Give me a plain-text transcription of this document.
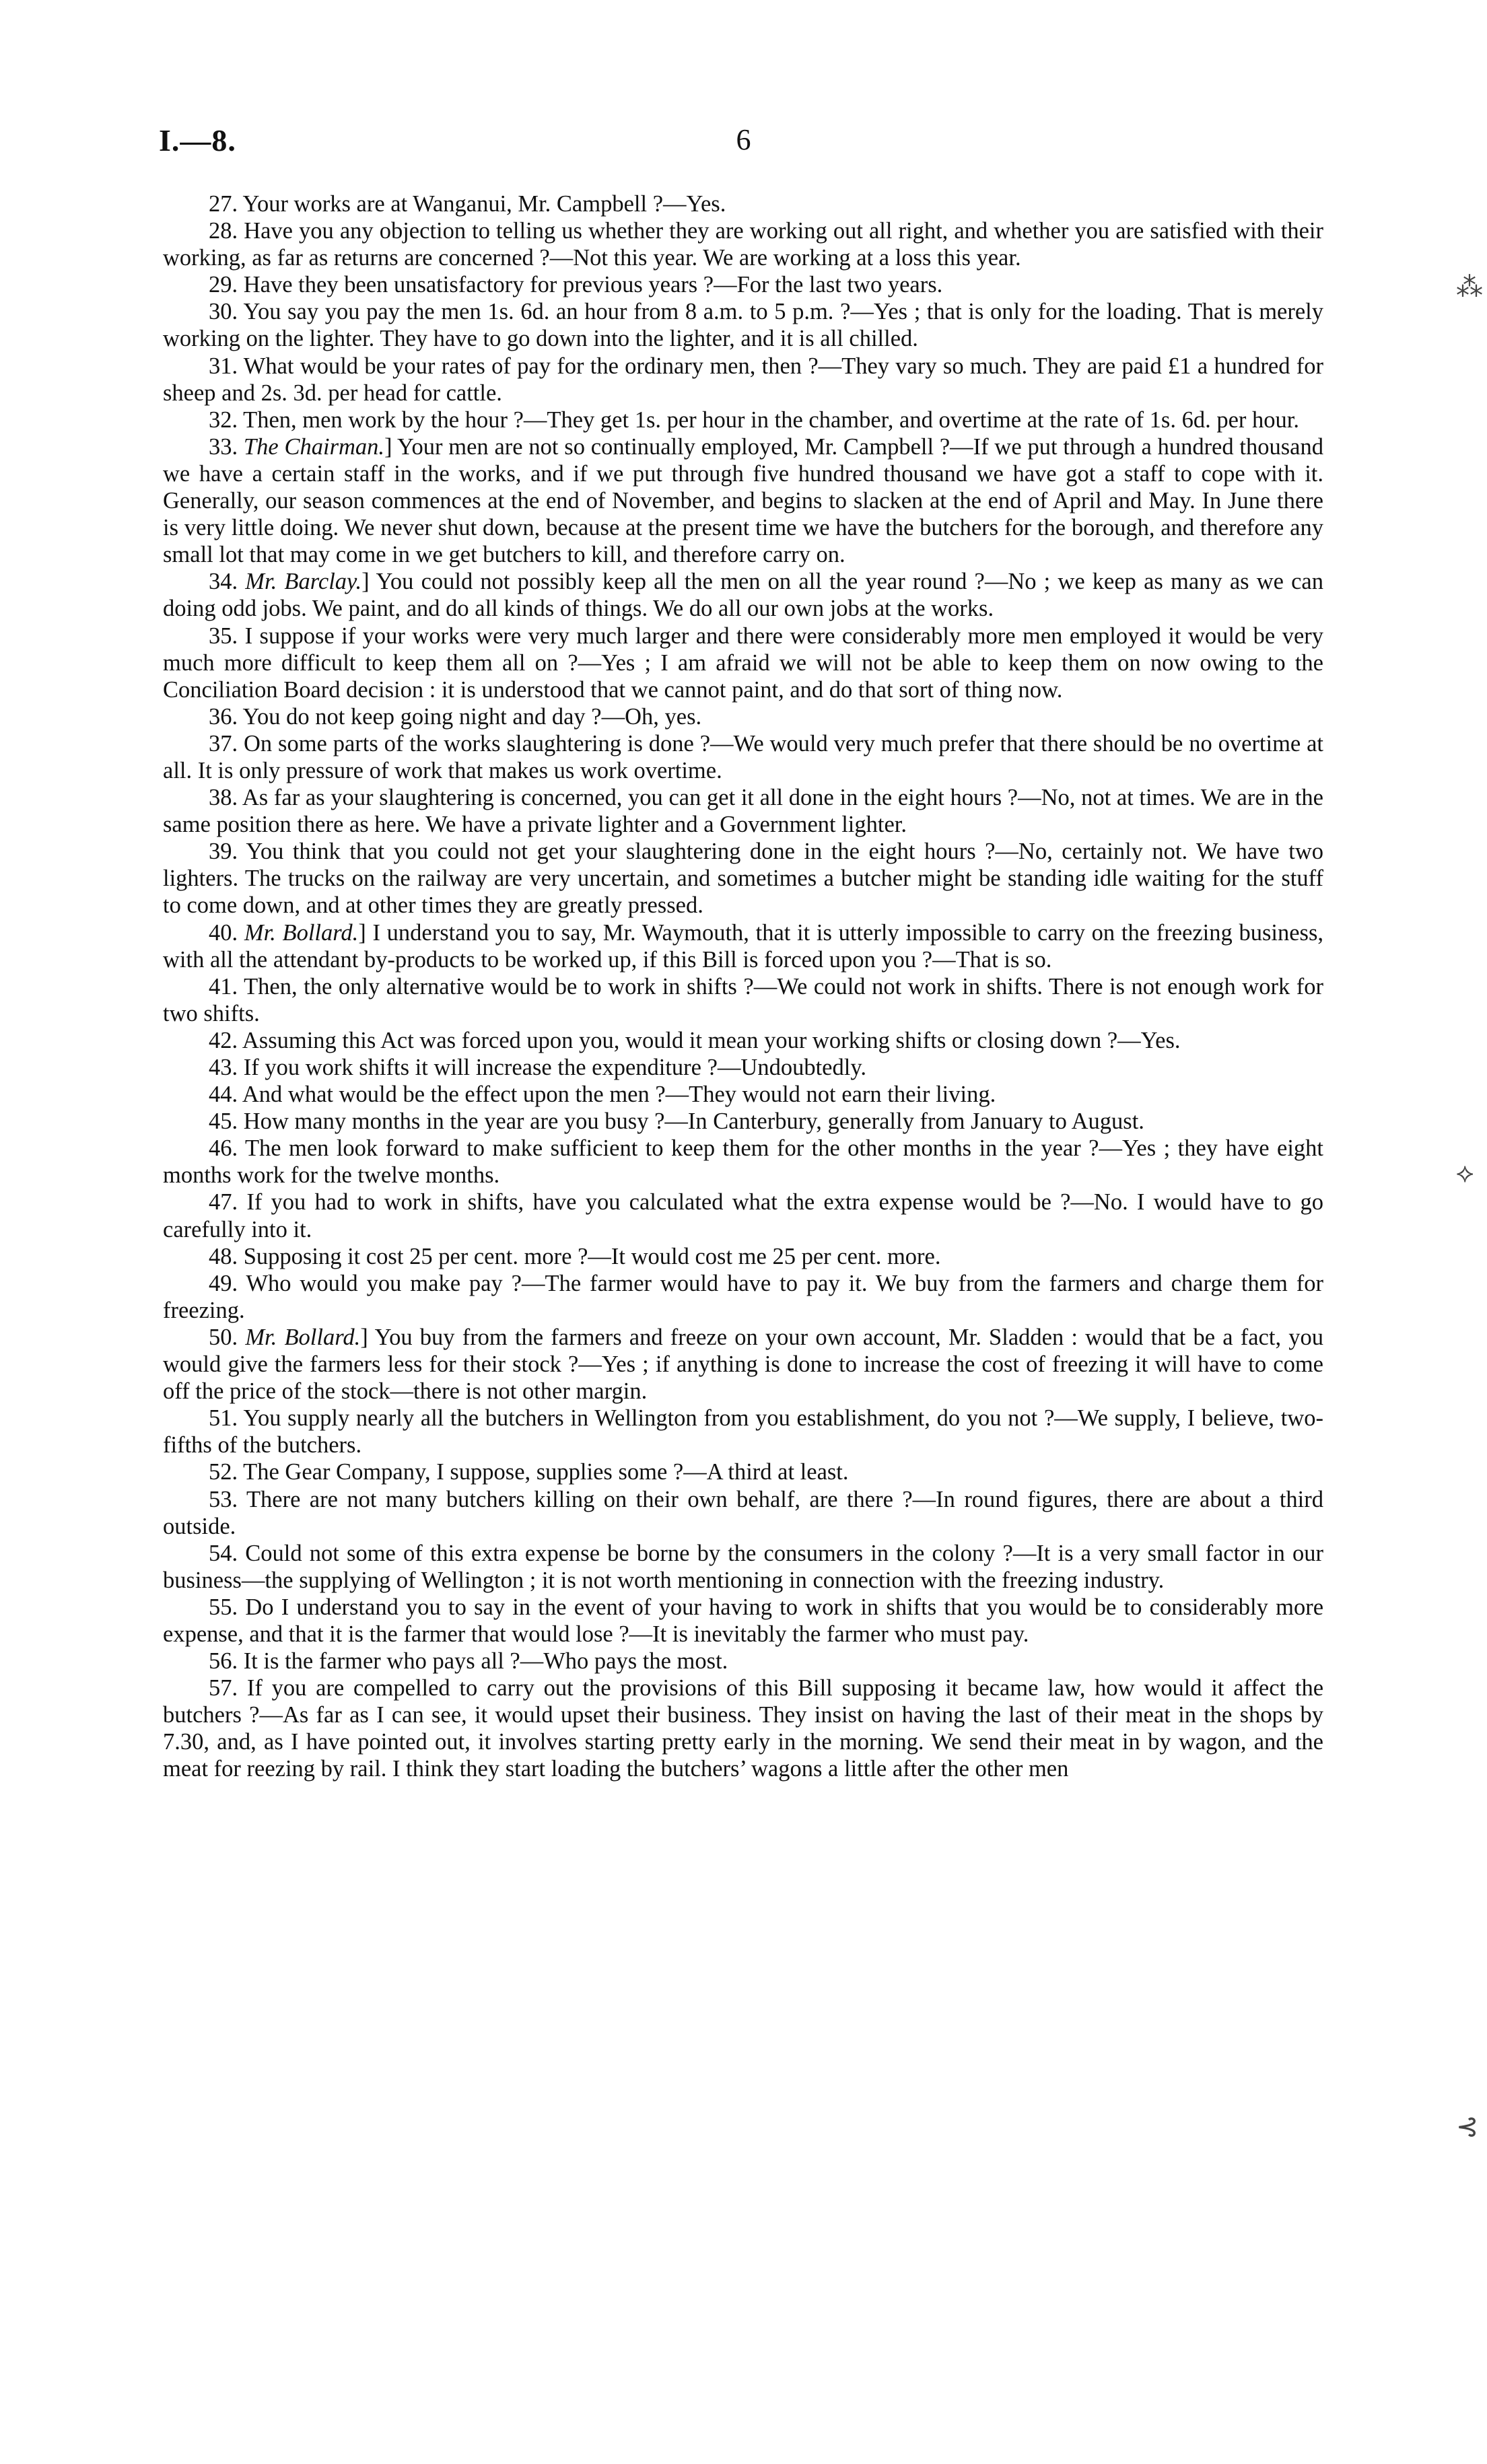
I.—8.	6

27. Your works are at Wanganui, Mr. Campbell ?—Yes.

28. Have you any objection to telling us whether they are working out all right, and whether you are satisfied with their working, as far as returns are concerned ?—Not this year. We are working at a loss this year.

29. Have they been unsatisfactory for previous years ?—For the last two years.

30. You say you pay the men 1s. 6d. an hour from 8 a.m. to 5 p.m. ?—Yes ; that is only for the loading. That is merely working on the lighter. They have to go down into the lighter, and it is all chilled.

31. What would be your rates of pay for the ordinary men, then ?—They vary so much. They are paid £1 a hundred for sheep and 2s. 3d. per head for cattle.

32. Then, men work by the hour ?—They get 1s. per hour in the chamber, and overtime at the rate of 1s. 6d. per hour.

33. The Chairman.] Your men are not so continually employed, Mr. Campbell ?—If we put through a hundred thousand we have a certain staff in the works, and if we put through five hundred thousand we have got a staff to cope with it. Generally, our season commences at the end of November, and begins to slacken at the end of April and May. In June there is very little doing. We never shut down, because at the present time we have the butchers for the borough, and therefore any small lot that may come in we get butchers to kill, and therefore carry on.

34. Mr. Barclay.] You could not possibly keep all the men on all the year round ?—No ; we keep as many as we can doing odd jobs. We paint, and do all kinds of things. We do all our own jobs at the works.

35. I suppose if your works were very much larger and there were considerably more men employed it would be very much more difficult to keep them all on ?—Yes ; I am afraid we will not be able to keep them on now owing to the Conciliation Board decision : it is understood that we cannot paint, and do that sort of thing now.

36. You do not keep going night and day ?—Oh, yes.

37. On some parts of the works slaughtering is done ?—We would very much prefer that there should be no overtime at all. It is only pressure of work that makes us work overtime.

38. As far as your slaughtering is concerned, you can get it all done in the eight hours ?—No, not at times. We are in the same position there as here. We have a private lighter and a Government lighter.

39. You think that you could not get your slaughtering done in the eight hours ?—No, certainly not. We have two lighters. The trucks on the railway are very uncertain, and sometimes a butcher might be standing idle waiting for the stuff to come down, and at other times they are greatly pressed.

40. Mr. Bollard.] I understand you to say, Mr. Waymouth, that it is utterly impossible to carry on the freezing business, with all the attendant by-products to be worked up, if this Bill is forced upon you ?—That is so.

41. Then, the only alternative would be to work in shifts ?—We could not work in shifts. There is not enough work for two shifts.

42. Assuming this Act was forced upon you, would it mean your working shifts or closing down ?—Yes.

43. If you work shifts it will increase the expenditure ?—Undoubtedly.

44. And what would be the effect upon the men ?—They would not earn their living.

45. How many months in the year are you busy ?—In Canterbury, generally from January to August.

46. The men look forward to make sufficient to keep them for the other months in the year ?—Yes ; they have eight months work for the twelve months.

47. If you had to work in shifts, have you calculated what the extra expense would be ?—No. I would have to go carefully into it.

48. Supposing it cost 25 per cent. more ?—It would cost me 25 per cent. more.

49. Who would you make pay ?—The farmer would have to pay it. We buy from the farmers and charge them for freezing.

50. Mr. Bollard.] You buy from the farmers and freeze on your own account, Mr. Sladden : would that be a fact, you would give the farmers less for their stock ?—Yes ; if anything is done to increase the cost of freezing it will have to come off the price of the stock—there is not other margin.

51. You supply nearly all the butchers in Wellington from you establishment, do you not ?—We supply, I believe, two-fifths of the butchers.

52. The Gear Company, I suppose, supplies some ?—A third at least.

53. There are not many butchers killing on their own behalf, are there ?—In round figures, there are about a third outside.

54. Could not some of this extra expense be borne by the consumers in the colony ?—It is a very small factor in our business—the supplying of Wellington ; it is not worth mentioning in connection with the freezing industry.

55. Do I understand you to say in the event of your having to work in shifts that you would be to considerably more expense, and that it is the farmer that would lose ?—It is inevitably the farmer who must pay.

56. It is the farmer who pays all ?—Who pays the most.

57. If you are compelled to carry out the provisions of this Bill supposing it became law, how would it affect the butchers ?—As far as I can see, it would upset their business. They insist on having the last of their meat in the shops by 7.30, and, as I have pointed out, it involves starting pretty early in the morning. We send their meat in by wagon, and the meat for reezing by rail. I think they start loading the butchers’ wagons a little after the other men

⁂
⟡
⊰
